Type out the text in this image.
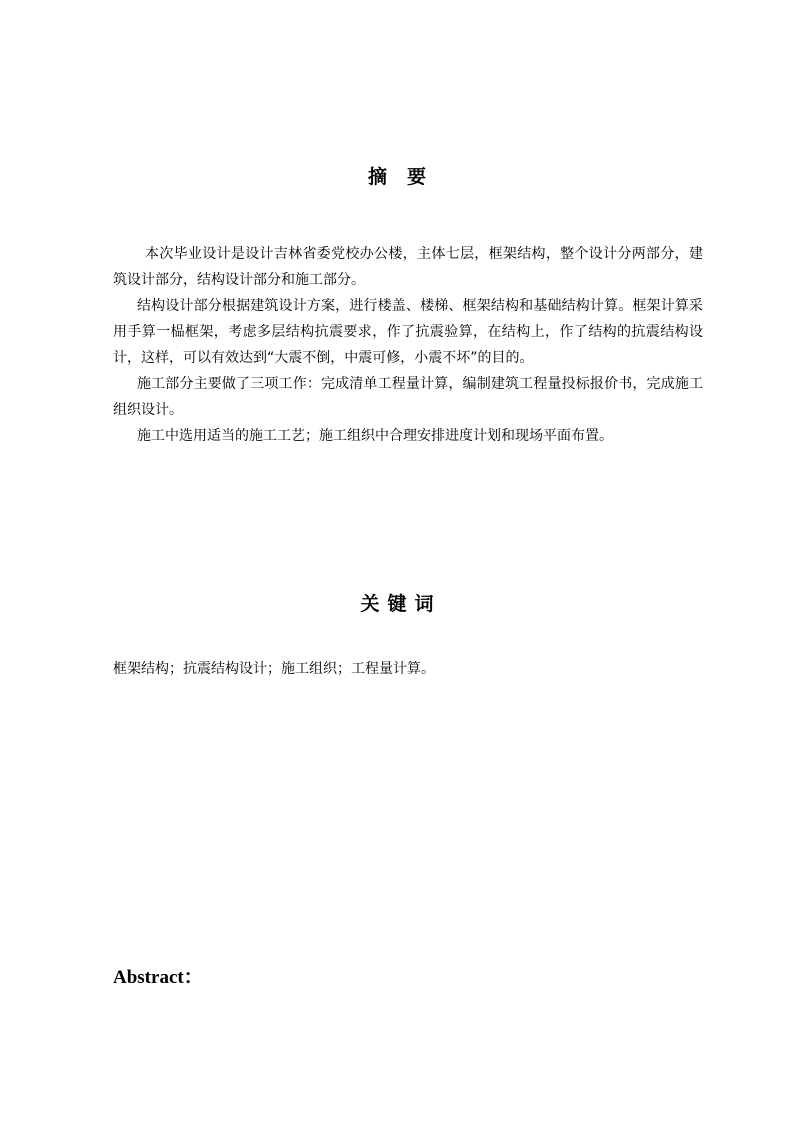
摘要

本次毕业设计是设计吉林省委党校办公楼，主体七层，框架结构，整个设计分两部分，建筑设计部分，结构设计部分和施工部分。

结构设计部分根据建筑设计方案，进行楼盖、楼梯、框架结构和基础结构计算。框架计算采用手算一榀框架，考虑多层结构抗震要求，作了抗震验算，在结构上，作了结构的抗震结构设计，这样，可以有效达到“大震不倒，中震可修，小震不坏”的目的。

施工部分主要做了三项工作：完成清单工程量计算，编制建筑工程量投标报价书，完成施工组织设计。

施工中选用适当的施工工艺；施工组织中合理安排进度计划和现场平面布置。

关键词

框架结构；抗震结构设计；施工组织；工程量计算。

Abstract：
